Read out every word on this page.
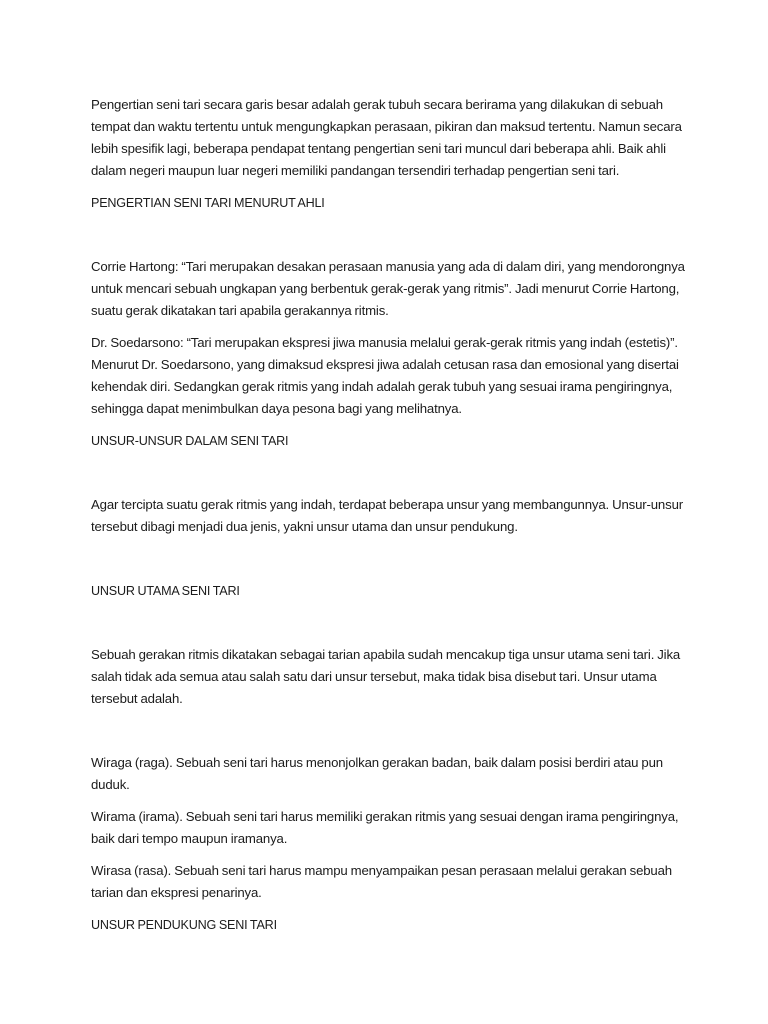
Pengertian seni tari secara garis besar adalah gerak tubuh secara berirama yang dilakukan di sebuah tempat dan waktu tertentu untuk mengungkapkan perasaan, pikiran dan maksud tertentu. Namun secara lebih spesifik lagi, beberapa pendapat tentang pengertian seni tari muncul dari beberapa ahli. Baik ahli dalam negeri maupun luar negeri memiliki pandangan tersendiri terhadap pengertian seni tari.

PENGERTIAN SENI TARI MENURUT AHLI

Corrie Hartong: “Tari merupakan desakan perasaan manusia yang ada di dalam diri, yang mendorongnya untuk mencari sebuah ungkapan yang berbentuk gerak-gerak yang ritmis”. Jadi menurut Corrie Hartong, suatu gerak dikatakan tari apabila gerakannya ritmis.

Dr. Soedarsono: “Tari merupakan ekspresi jiwa manusia melalui gerak-gerak ritmis yang indah (estetis)”. Menurut Dr. Soedarsono, yang dimaksud ekspresi jiwa adalah cetusan rasa dan emosional yang disertai kehendak diri. Sedangkan gerak ritmis yang indah adalah gerak tubuh yang sesuai irama pengiringnya, sehingga dapat menimbulkan daya pesona bagi yang melihatnya.

UNSUR-UNSUR DALAM SENI TARI

Agar tercipta suatu gerak ritmis yang indah, terdapat beberapa unsur yang membangunnya. Unsur-unsur tersebut dibagi menjadi dua jenis, yakni unsur utama dan unsur pendukung.

UNSUR UTAMA SENI TARI

Sebuah gerakan ritmis dikatakan sebagai tarian apabila sudah mencakup tiga unsur utama seni tari. Jika salah tidak ada semua atau salah satu dari unsur tersebut, maka tidak bisa disebut tari. Unsur utama tersebut adalah.

Wiraga (raga). Sebuah seni tari harus menonjolkan gerakan badan, baik dalam posisi berdiri atau pun duduk.

Wirama (irama). Sebuah seni tari harus memiliki gerakan ritmis yang sesuai dengan irama pengiringnya, baik dari tempo maupun iramanya.

Wirasa (rasa). Sebuah seni tari harus mampu menyampaikan pesan perasaan melalui gerakan sebuah tarian dan ekspresi penarinya.

UNSUR PENDUKUNG SENI TARI
